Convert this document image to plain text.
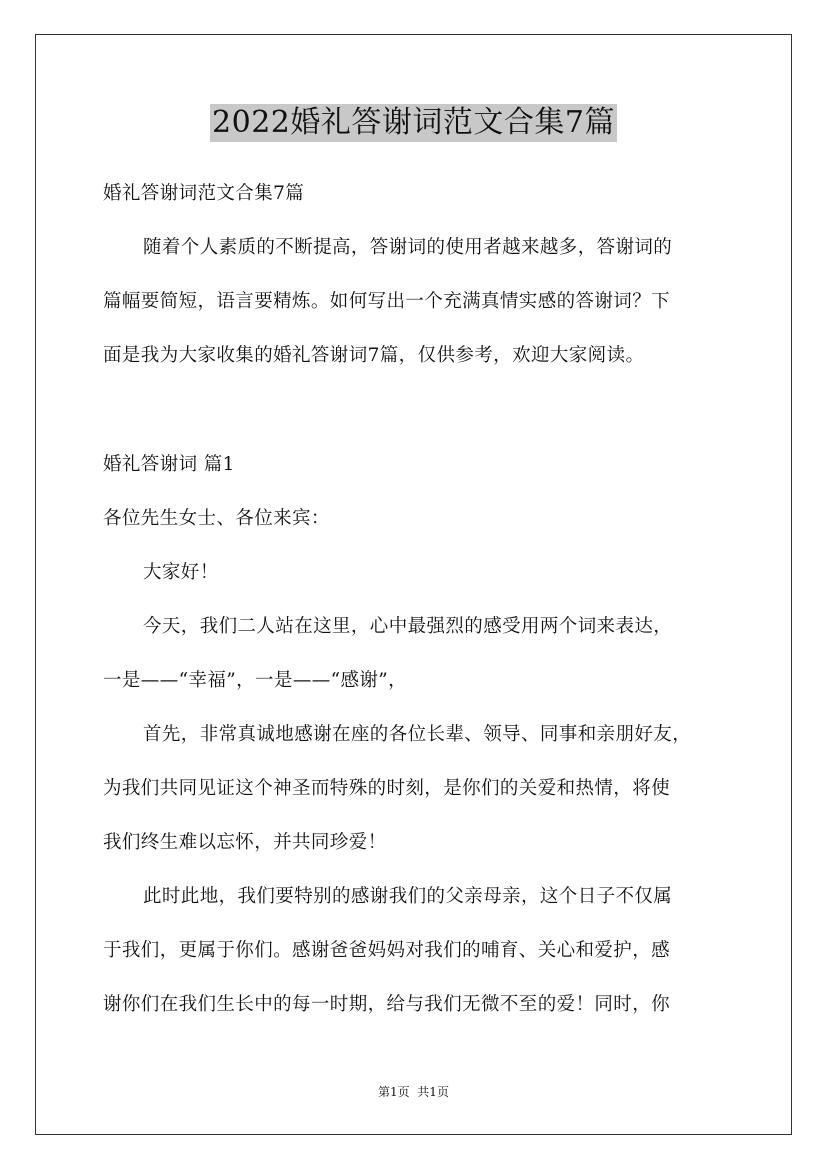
2022婚礼答谢词范文合集7篇
婚礼答谢词范文合集7篇
随着个人素质的不断提高，答谢词的使用者越来越多，答谢词的
篇幅要简短，语言要精炼。如何写出一个充满真情实感的答谢词？下
面是我为大家收集的婚礼答谢词7篇，仅供参考，欢迎大家阅读。
婚礼答谢词 篇1
各位先生女士、各位来宾：
大家好！
今天，我们二人站在这里，心中最强烈的感受用两个词来表达，
一是——“幸福”，一是——“感谢”，
首先，非常真诚地感谢在座的各位长辈、领导、同事和亲朋好友，
为我们共同见证这个神圣而特殊的时刻，是你们的关爱和热情，将使
我们终生难以忘怀，并共同珍爱！
此时此地，我们要特别的感谢我们的父亲母亲，这个日子不仅属
于我们，更属于你们。感谢爸爸妈妈对我们的哺育、关心和爱护，感
谢你们在我们生长中的每一时期，给与我们无微不至的爱！同时，你
第1页  共1页
